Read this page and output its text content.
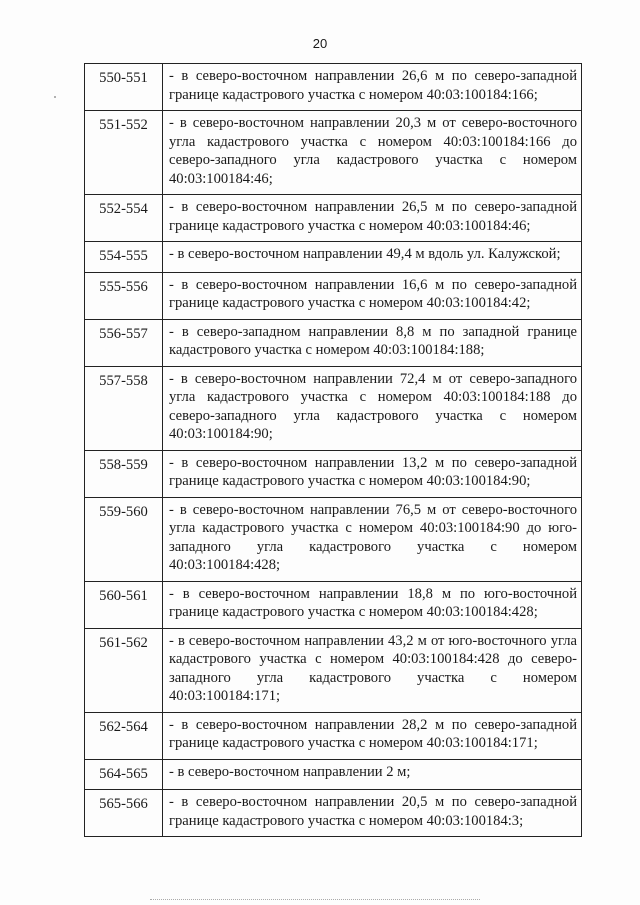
20
550-551	- в северо-восточном направлении 26,6 м по северо-западной границе кадастрового участка с номером 40:03:100184:166;
551-552	- в северо-восточном направлении 20,3 м от северо-восточного угла кадастрового участка с номером 40:03:100184:166 до северо-западного угла кадастрового участка с номером 40:03:100184:46;
552-554	- в северо-восточном направлении 26,5 м по северо-западной границе кадастрового участка с номером 40:03:100184:46;
554-555	- в северо-восточном направлении 49,4 м вдоль ул. Калужской;
555-556	- в северо-восточном направлении 16,6 м по северо-западной границе кадастрового участка с номером 40:03:100184:42;
556-557	- в северо-западном направлении 8,8 м по западной границе кадастрового участка с номером 40:03:100184:188;
557-558	- в северо-восточном направлении 72,4 м от северо-западного угла кадастрового участка с номером 40:03:100184:188 до северо-западного угла кадастрового участка с номером 40:03:100184:90;
558-559	- в северо-восточном направлении 13,2 м по северо-западной границе кадастрового участка с номером 40:03:100184:90;
559-560	- в северо-восточном направлении 76,5 м от северо-восточного угла кадастрового участка с номером 40:03:100184:90 до юго-западного угла кадастрового участка с номером 40:03:100184:428;
560-561	- в северо-восточном направлении 18,8 м по юго-восточной границе кадастрового участка с номером 40:03:100184:428;
561-562	- в северо-восточном направлении 43,2 м от юго-восточного угла кадастрового участка с номером 40:03:100184:428 до северо-западного угла кадастрового участка с номером 40:03:100184:171;
562-564	- в северо-восточном направлении 28,2 м по северо-западной границе кадастрового участка с номером 40:03:100184:171;
564-565	- в северо-восточном направлении 2 м;
565-566	- в северо-восточном направлении 20,5 м по северо-западной границе кадастрового участка с номером 40:03:100184:3;
